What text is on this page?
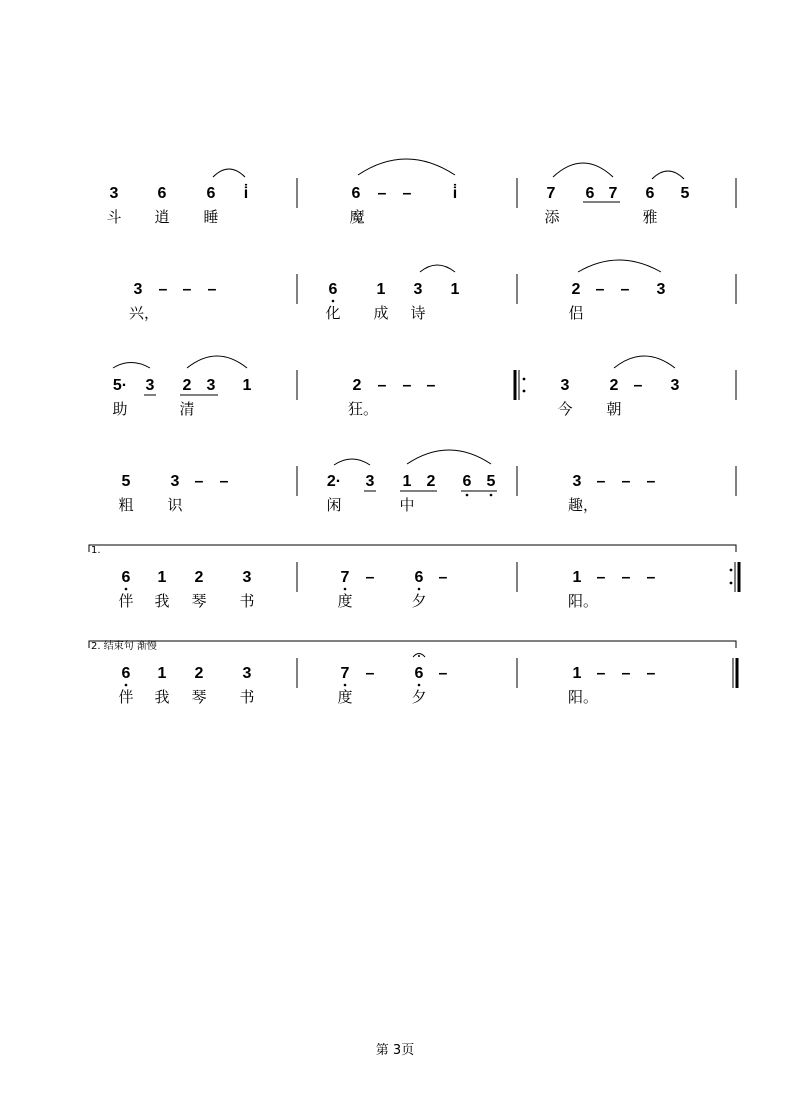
3 6	6 i̇	6 – –	i̇	7 6 7 6 5
斗 逍 睡	魔	添	雅
3 – – –	6 1 3 1	2 – – 3
兴，	化 成 诗	侣
5· 3 2 3 1	2 – – –	3	2 – 3
助	清	狂。	今 朝
5	3 – –	2· 3 1 2 6 5	3 – – –
粗 识	闲	中	趣，
6 1 2 3	7 –	6 –	1 – – –
伴 我 琴 书	度	夕	阳。
6 1 2 3	7 –	6 –	1 – – –
伴 我 琴 书	度	夕	阳。
1.
2. 结束句 渐慢
第 3页
